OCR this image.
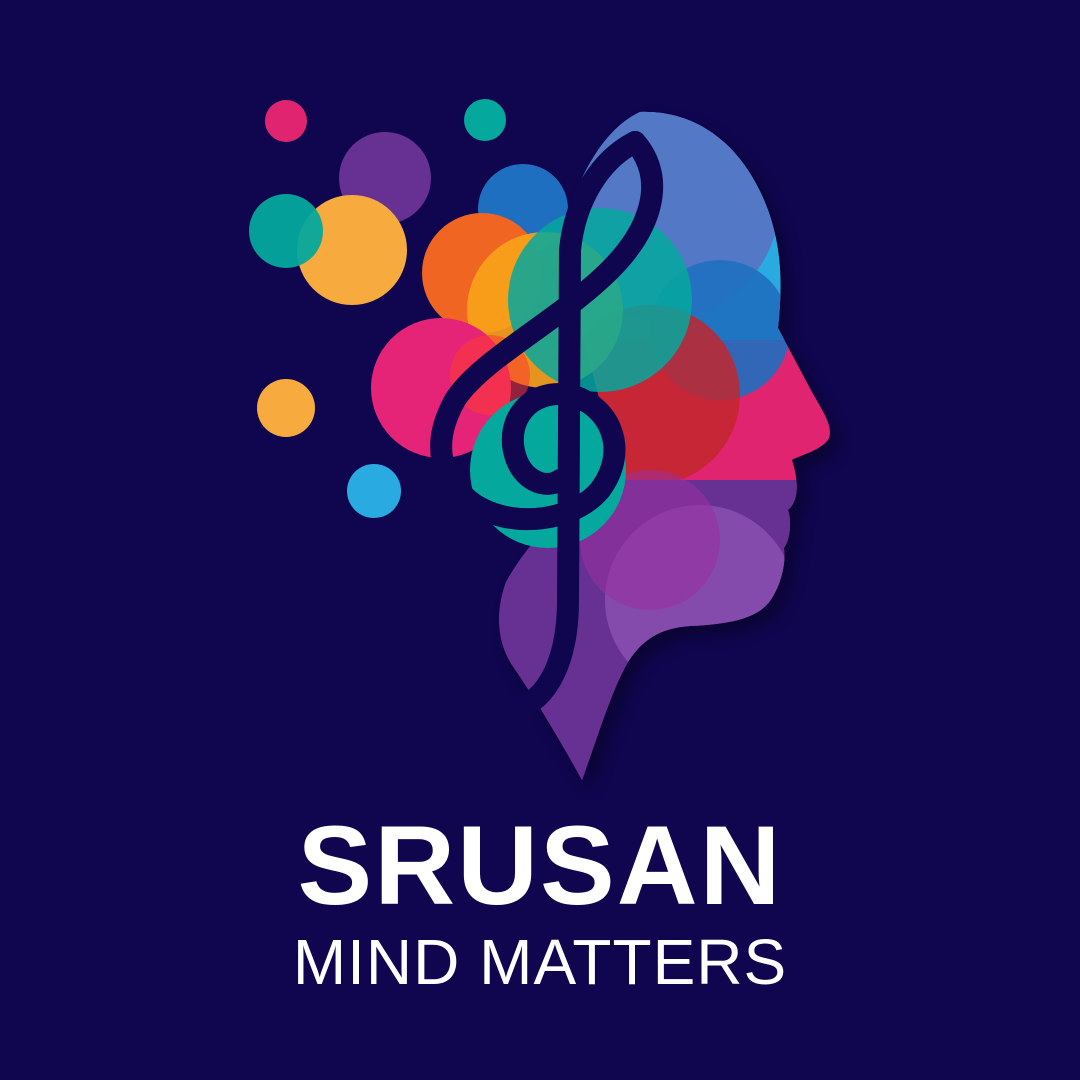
SRUSAN
MIND MATTERS
